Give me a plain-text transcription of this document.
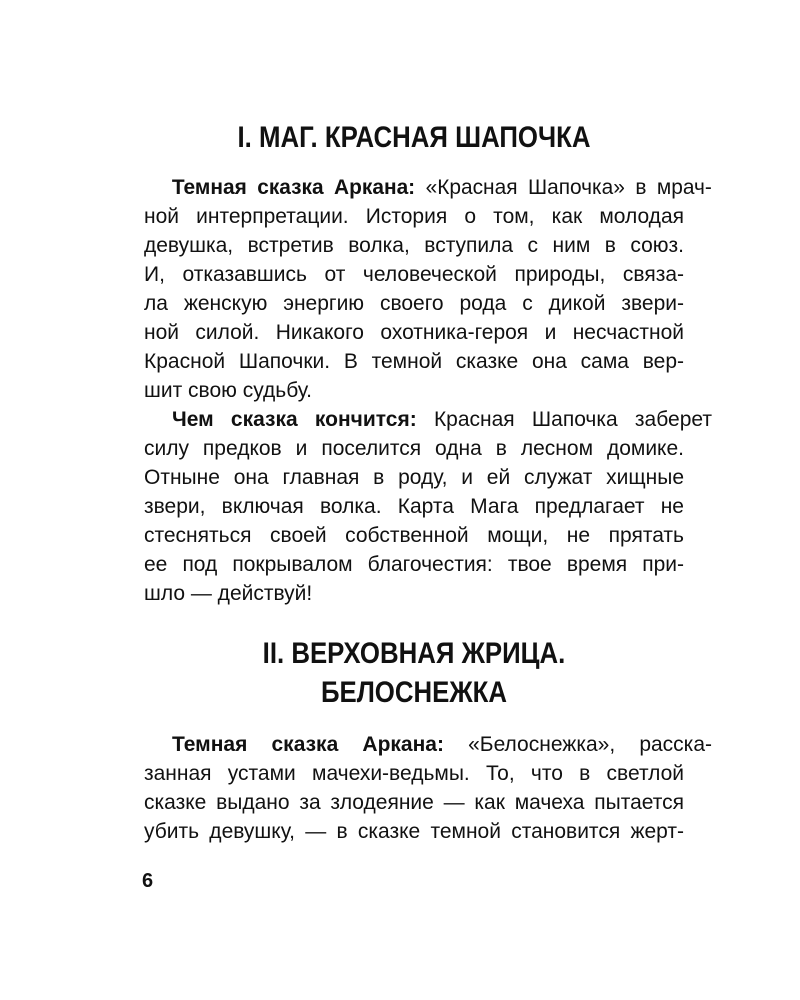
I. МАГ. КРАСНАЯ ШАПОЧКА
Темная сказка Аркана: «Красная Шапочка» в мрач-
ной интерпретации. История о том, как молодая
девушка, встретив волка, вступила с ним в союз.
И, отказавшись от человеческой природы, связа-
ла женскую энергию своего рода с дикой звери-
ной силой. Никакого охотника-героя и несчастной
Красной Шапочки. В темной сказке она сама вер-
шит свою судьбу.
Чем сказка кончится: Красная Шапочка заберет
силу предков и поселится одна в лесном домике.
Отныне она главная в роду, и ей служат хищные
звери, включая волка. Карта Мага предлагает не
стесняться своей собственной мощи, не прятать
ее под покрывалом благочестия: твое время при-
шло — действуй!
II. ВЕРХОВНАЯ ЖРИЦА.
БЕЛОСНЕЖКА
Темная сказка Аркана: «Белоснежка», расска-
занная устами мачехи-ведьмы. То, что в светлой
сказке выдано за злодеяние — как мачеха пытается
убить девушку, — в сказке темной становится жерт-
6
